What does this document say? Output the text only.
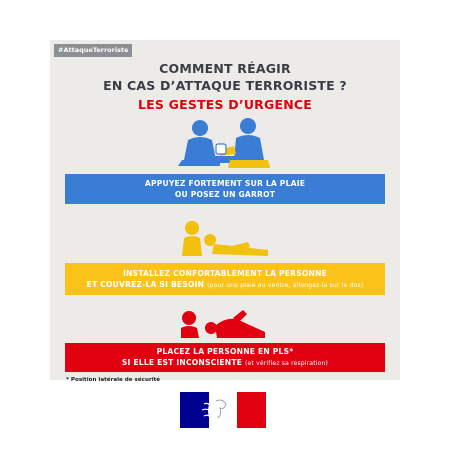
#AttaqueTerroriste
COMMENT RÉAGIR
EN CAS D’ATTAQUE TERRORISTE ?
LES GESTES D’URGENCE
APPUYEZ FORTEMENT SUR LA PLAIE
OU POSEZ UN GARROT
INSTALLEZ CONFORTABLEMENT LA PERSONNE
ET COUVREZ-LA SI BESOIN (pour une plaie au ventre, allongez-la sur le dos)
PLACEZ LA PERSONNE EN PLS*
SI ELLE EST INCONSCIENTE (et vérifiez sa respiration)
* Position latérale de sécurité
